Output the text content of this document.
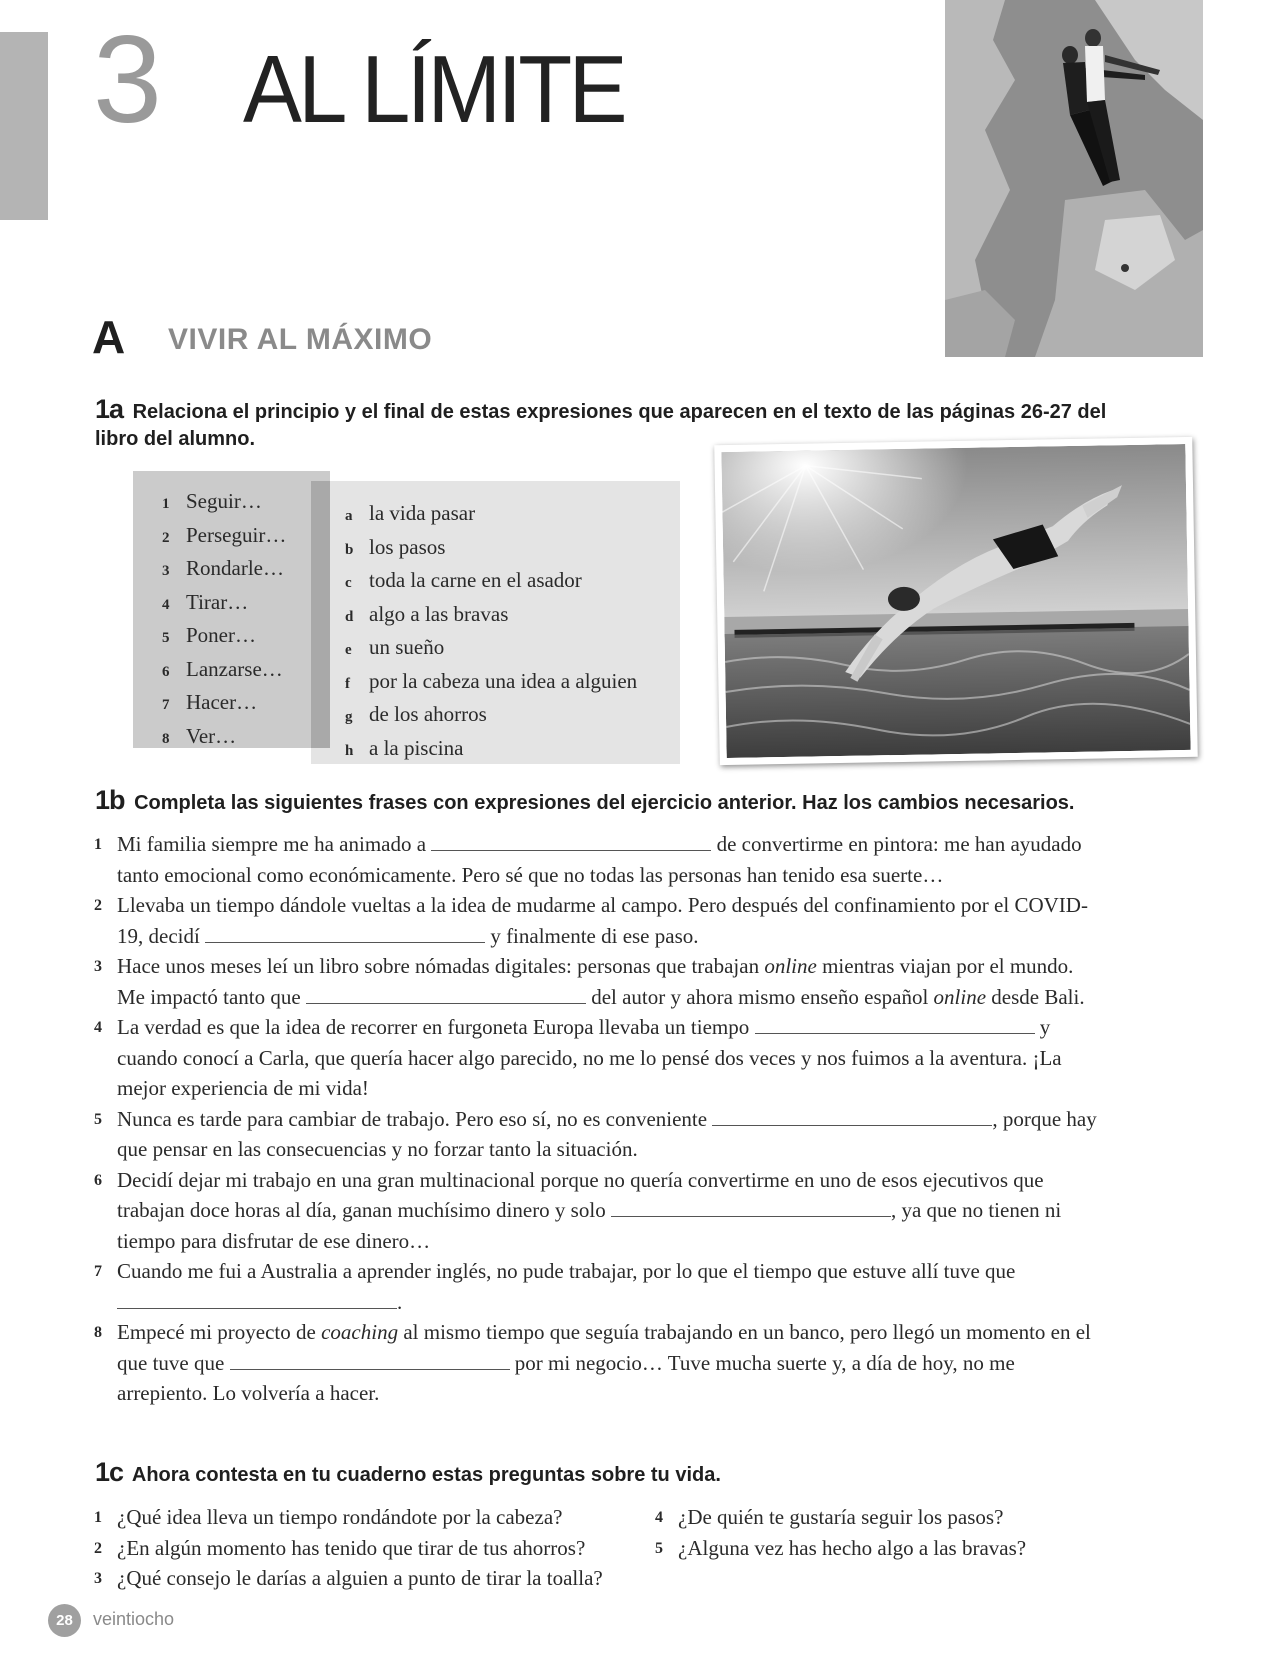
3 AL LÍMITE
A VIVIR AL MÁXIMO
1a Relaciona el principio y el final de estas expresiones que aparecen en el texto de las páginas 26-27 del libro del alumno.
1 Seguir…
2 Perseguir…
3 Rondarle…
4 Tirar…
5 Poner…
6 Lanzarse…
7 Hacer…
8 Ver…
a la vida pasar
b los pasos
c toda la carne en el asador
d algo a las bravas
e un sueño
f por la cabeza una idea a alguien
g de los ahorros
h a la piscina
1b Completa las siguientes frases con expresiones del ejercicio anterior. Haz los cambios necesarios.
1 Mi familia siempre me ha animado a	de convertirme en pintora: me han ayudado tanto emocional como económicamente. Pero sé que no todas las personas han tenido esa suerte…
2 Llevaba un tiempo dándole vueltas a la idea de mudarme al campo. Pero después del confinamiento por el COVID-19, decidí	y finalmente di ese paso.
3 Hace unos meses leí un libro sobre nómadas digitales: personas que trabajan online mientras viajan por el mundo. Me impactó tanto que	del autor y ahora mismo enseño español online desde Bali.
4 La verdad es que la idea de recorrer en furgoneta Europa llevaba un tiempo	y cuando conocí a Carla, que quería hacer algo parecido, no me lo pensé dos veces y nos fuimos a la aventura. ¡La mejor experiencia de mi vida!
5 Nunca es tarde para cambiar de trabajo. Pero eso sí, no es conveniente	, porque hay que pensar en las consecuencias y no forzar tanto la situación.
6 Decidí dejar mi trabajo en una gran multinacional porque no quería convertirme en uno de esos ejecutivos que trabajan doce horas al día, ganan muchísimo dinero y solo	, ya que no tienen ni tiempo para disfrutar de ese dinero…
7 Cuando me fui a Australia a aprender inglés, no pude trabajar, por lo que el tiempo que estuve allí tuve que .
8 Empecé mi proyecto de coaching al mismo tiempo que seguía trabajando en un banco, pero llegó un momento en el que tuve que	por mi negocio… Tuve mucha suerte y, a día de hoy, no me arrepiento. Lo volvería a hacer.
1c Ahora contesta en tu cuaderno estas preguntas sobre tu vida.
1 ¿Qué idea lleva un tiempo rondándote por la cabeza?
2 ¿En algún momento has tenido que tirar de tus ahorros?
3 ¿Qué consejo le darías a alguien a punto de tirar la toalla?
4 ¿De quién te gustaría seguir los pasos?
5 ¿Alguna vez has hecho algo a las bravas?
28	veintiocho
